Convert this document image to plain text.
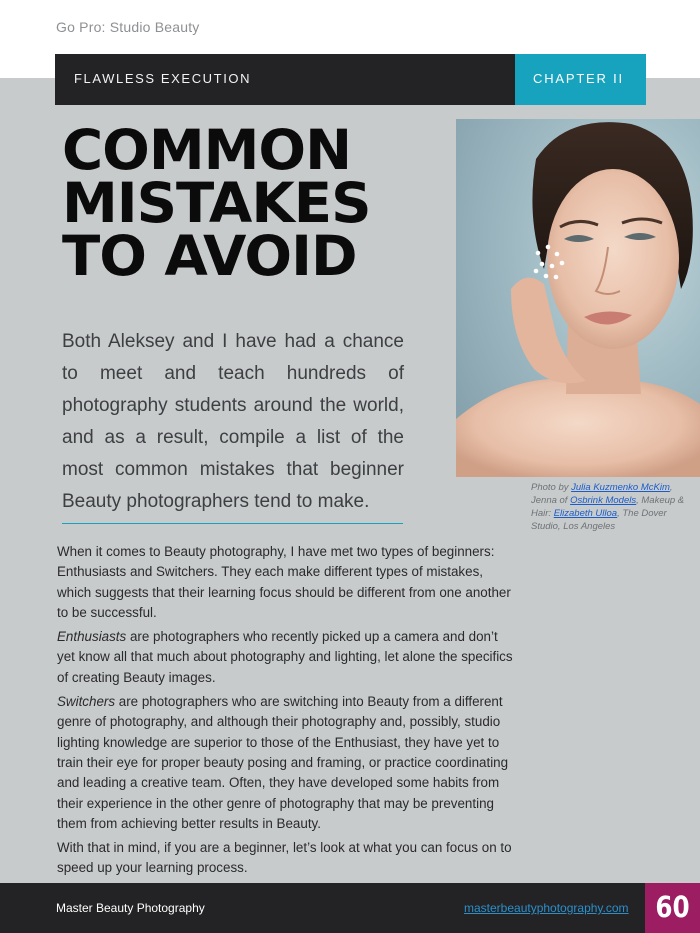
Go Pro: Studio Beauty
FLAWLESS EXECUTION	CHAPTER II
COMMON
MISTAKES
TO AVOID
Both Aleksey and I have had a chance to meet and teach hundreds of photography students around the world, and as a result, compile a list of the most common mistakes that beginner Beauty photographers tend to make.
Photo by Julia Kuzmenko McKim, Jenna of Osbrink Models, Makeup & Hair: Elizabeth Ulloa, The Dover Studio, Los Angeles

When it comes to Beauty photography, I have met two types of beginners: Enthusiasts and Switchers. They each make different types of mistakes, which suggests that their learning focus should be different from one another to be successful.

Enthusiasts are photographers who recently picked up a camera and don’t yet know all that much about photography and lighting, let alone the specifics of creating Beauty images.

Switchers are photographers who are switching into Beauty from a different genre of photography, and although their photography and, possibly, studio lighting knowledge are superior to those of the Enthusiast, they have yet to train their eye for proper beauty posing and framing, or practice coordinating and leading a creative team. Often, they have developed some habits from their experience in the other genre of photography that may be preventing them from achieving better results in Beauty.

With that in mind, if you are a beginner, let’s look at what you can focus on to speed up your learning process.

Master Beauty Photography	masterbeautyphotography.com 60
